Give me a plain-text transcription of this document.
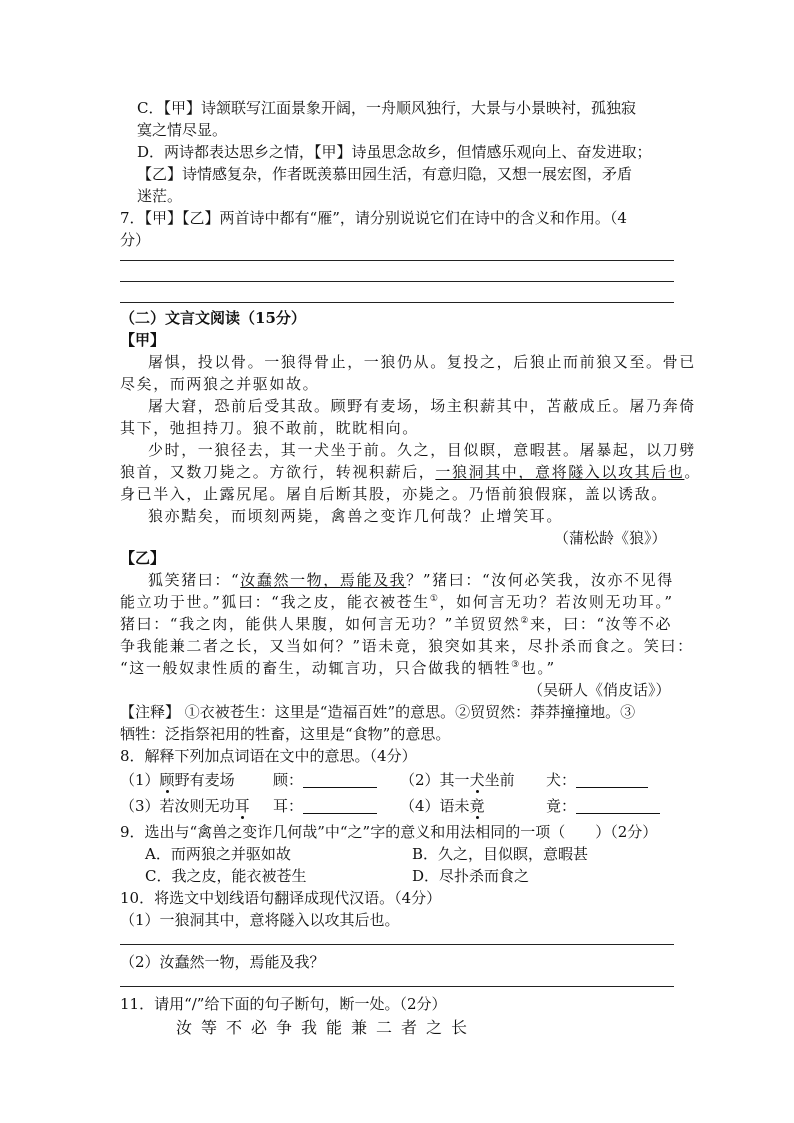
C．【甲】诗颔联写江面景象开阔，一舟顺风独行，大景与小景映衬，孤独寂
寞之情尽显。
D．两诗都表达思乡之情，【甲】诗虽思念故乡，但情感乐观向上、奋发进取；
【乙】诗情感复杂，作者既羡慕田园生活，有意归隐，又想一展宏图，矛盾
迷茫。
7．【甲】【乙】两首诗中都有“雁”，请分别说说它们在诗中的含义和作用。（4
分）
（二）文言文阅读（15分）
【甲】
屠惧，投以骨。一狼得骨止，一狼仍从。复投之，后狼止而前狼又至。骨已
尽矣，而两狼之并驱如故。
屠大窘，恐前后受其敌。顾野有麦场，场主积薪其中，苫蔽成丘。屠乃奔倚
其下，弛担持刀。狼不敢前，眈眈相向。
少时，一狼径去，其一犬坐于前。久之，目似瞑，意暇甚。屠暴起，以刀劈
狼首，又数刀毙之。方欲行，转视积薪后，一狼洞其中，意将隧入以攻其后也。
身已半入，止露尻尾。屠自后断其股，亦毙之。乃悟前狼假寐，盖以诱敌。
狼亦黠矣，而顷刻两毙，禽兽之变诈几何哉？止增笑耳。
（蒲松龄《狼》）
【乙】
狐笑猪曰：“汝蠢然一物，焉能及我？”猪曰：“汝何必笑我，汝亦不见得
能立功于世。”狐曰：“我之皮，能衣被苍生①，如何言无功？若汝则无功耳。”
猪曰：“我之肉，能供人果腹，如何言无功？”羊贸贸然②来，曰：“汝等不必
争我能兼二者之长，又当如何？”语未竟，狼突如其来，尽扑杀而食之。笑曰：
“这一般奴隶性质的畜生，动辄言功，只合做我的牺牲③也。”
（吴研人《俏皮话》）
【注释】 ①衣被苍生：这里是“造福百姓”的意思。②贸贸然：莽莽撞撞地。③
牺牲：泛指祭祀用的牲畜，这里是“食物”的意思。
8．解释下列加点词语在文中的意思。（4分）
（1）顾野有麦场	顾：	（2）其一犬坐前 犬：
（3）若汝则无功耳 耳：	（4）语未竟	竟：
9．选出与“禽兽之变诈几何哉”中“之”字的意义和用法相同的一项（　　）（2分）
A．而两狼之并驱如故	B．久之，目似瞑，意暇甚
C．我之皮，能衣被苍生	D．尽扑杀而食之
10．将选文中划线语句翻译成现代汉语。（4分）
（1）一狼洞其中，意将隧入以攻其后也。
（2）汝蠢然一物，焉能及我？
11．请用“/”给下面的句子断句，断一处。（2分）
汝等不必争我能兼二者之长
